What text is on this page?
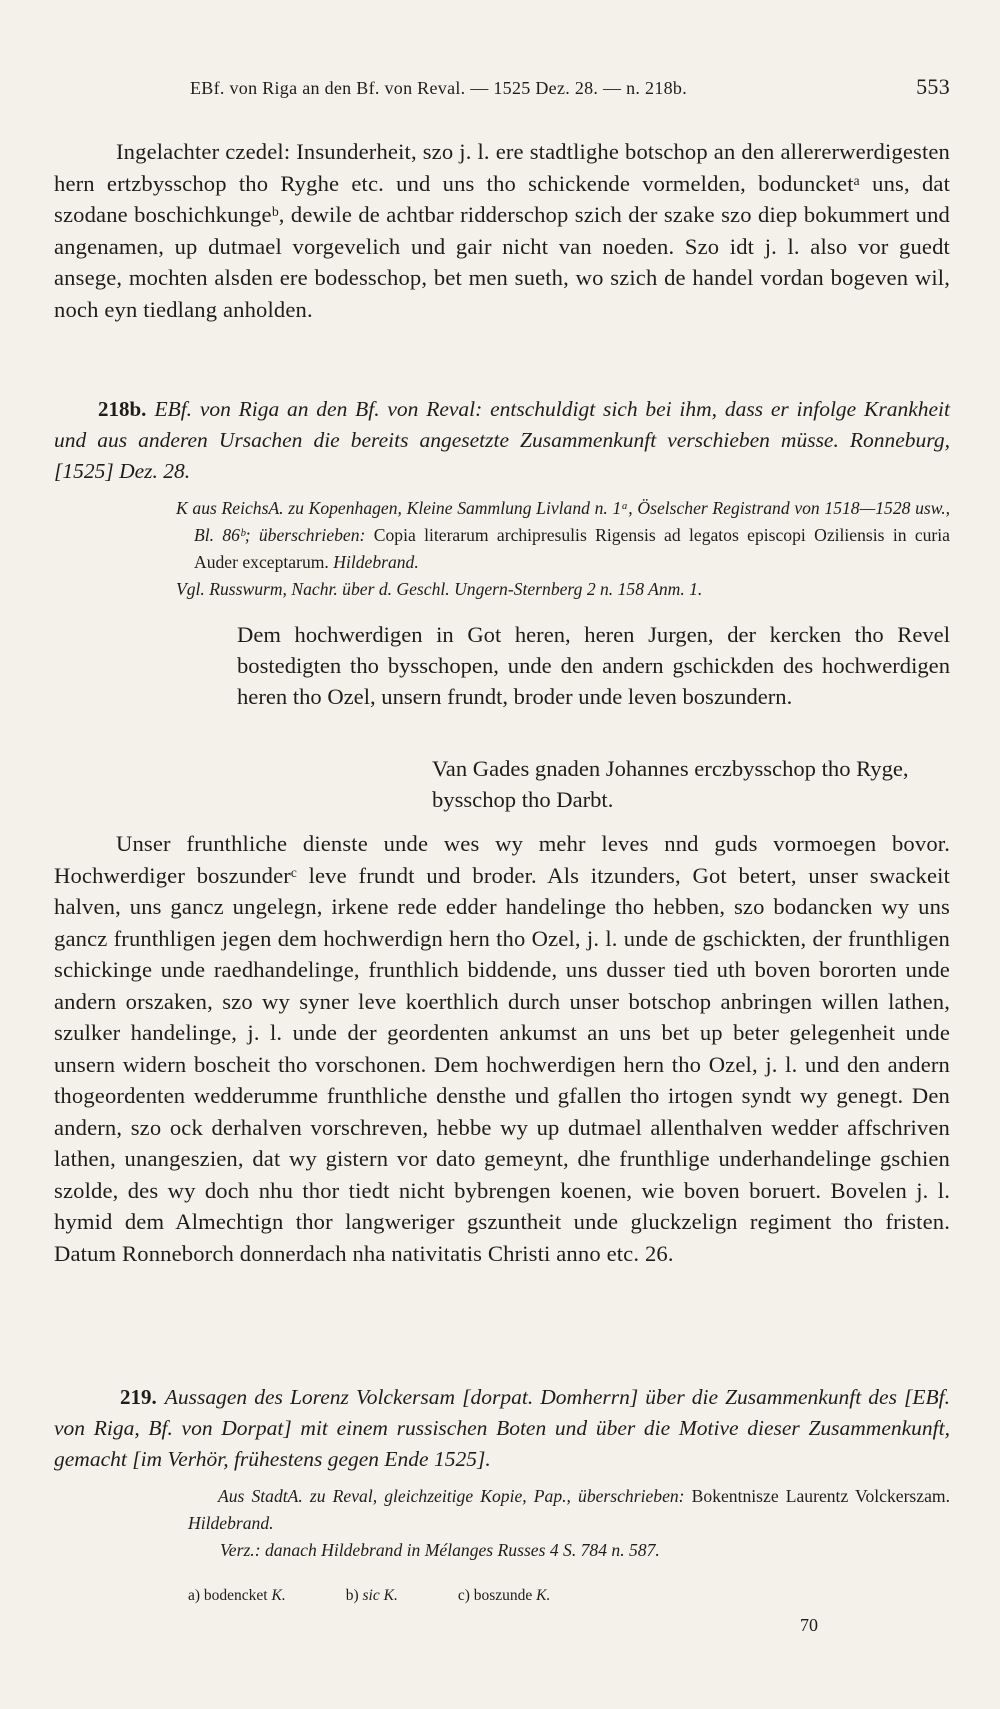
EBf. von Riga an den Bf. von Reval. — 1525 Dez. 28. — n. 218b.	553

Ingelachter czedel: Insunderheit, szo j. l. ere stadtlighe botschop an den allererwerdigesten hern ertzbysschop tho Ryghe etc. und uns tho schickende vormelden, boduncketᵃ uns, dat szodane boschichkungeᵇ, dewile de achtbar ridderschop szich der szake szo diep bokummert und angenamen, up dutmael vorgevelich und gair nicht van noeden. Szo idt j. l. also vor guedt ansege, mochten alsden ere bodesschop, bet men sueth, wo szich de handel vordan bogeven wil, noch eyn tiedlang anholden.

218b. EBf. von Riga an den Bf. von Reval: entschuldigt sich bei ihm, dass er infolge Krankheit und aus anderen Ursachen die bereits angesetzte Zusammenkunft verschieben müsse. Ronneburg, [1525] Dez. 28.
K aus ReichsA. zu Kopenhagen, Kleine Sammlung Livland n. 1ᵃ, Öselscher Registrand von 1518—1528 usw., Bl. 86ᵇ; überschrieben: Copia literarum archipresulis Rigensis ad legatos episcopi Oziliensis in curia Auder exceptarum. Hildebrand.
Vgl. Russwurm, Nachr. über d. Geschl. Ungern-Sternberg 2 n. 158 Anm. 1.

Dem hochwerdigen in Got heren, heren Jurgen, der kercken tho Revel bostedigten tho bysschopen, unde den andern gschickden des hochwerdigen heren tho Ozel, unsern frundt, broder unde leven boszundern.

Van Gades gnaden Johannes erczbysschop tho Ryge, bysschop tho Darbt.

Unser frunthliche dienste unde wes wy mehr leves nnd guds vormoegen bovor. Hochwerdiger boszunderᶜ leve frundt und broder. Als itzunders, Got betert, unser swackeit halven, uns gancz ungelegn, irkene rede edder handelinge tho hebben, szo bodancken wy uns gancz frunthligen jegen dem hochwerdign hern tho Ozel, j. l. unde de gschickten, der frunthligen schickinge unde raedhandelinge, frunthlich biddende, uns dusser tied uth boven bororten unde andern orszaken, szo wy syner leve koerthlich durch unser botschop anbringen willen lathen, szulker handelinge, j. l. unde der geordenten ankumst an uns bet up beter gelegenheit unde unsern widern boscheit tho vorschonen. Dem hochwerdigen hern tho Ozel, j. l. und den andern thogeordenten wedderumme frunthliche densthe und gfallen tho irtogen syndt wy genegt. Den andern, szo ock derhalven vorschreven, hebbe wy up dutmael allenthalven wedder affschriven lathen, unangeszien, dat wy gistern vor dato gemeynt, dhe frunthlige underhandelinge gschien szolde, des wy doch nhu thor tiedt nicht bybrengen koenen, wie boven boruert. Bovelen j. l. hymid dem Almechtign thor langweriger gszuntheit unde gluckzelign regiment tho fristen. Datum Ronneborch donnerdach nha nativitatis Christi anno etc. 26.

219. Aussagen des Lorenz Volckersam [dorpat. Domherrn] über die Zusammenkunft des [EBf. von Riga, Bf. von Dorpat] mit einem russischen Boten und über die Motive dieser Zusammenkunft, gemacht [im Verhör, frühestens gegen Ende 1525].
Aus StadtA. zu Reval, gleichzeitige Kopie, Pap., überschrieben: Bokentnisze Laurentz Volckerszam. Hildebrand.
Verz.: danach Hildebrand in Mélanges Russes 4 S. 784 n. 587.
a) bodencket K.	b) sic K.	c) boszunde K.
70
